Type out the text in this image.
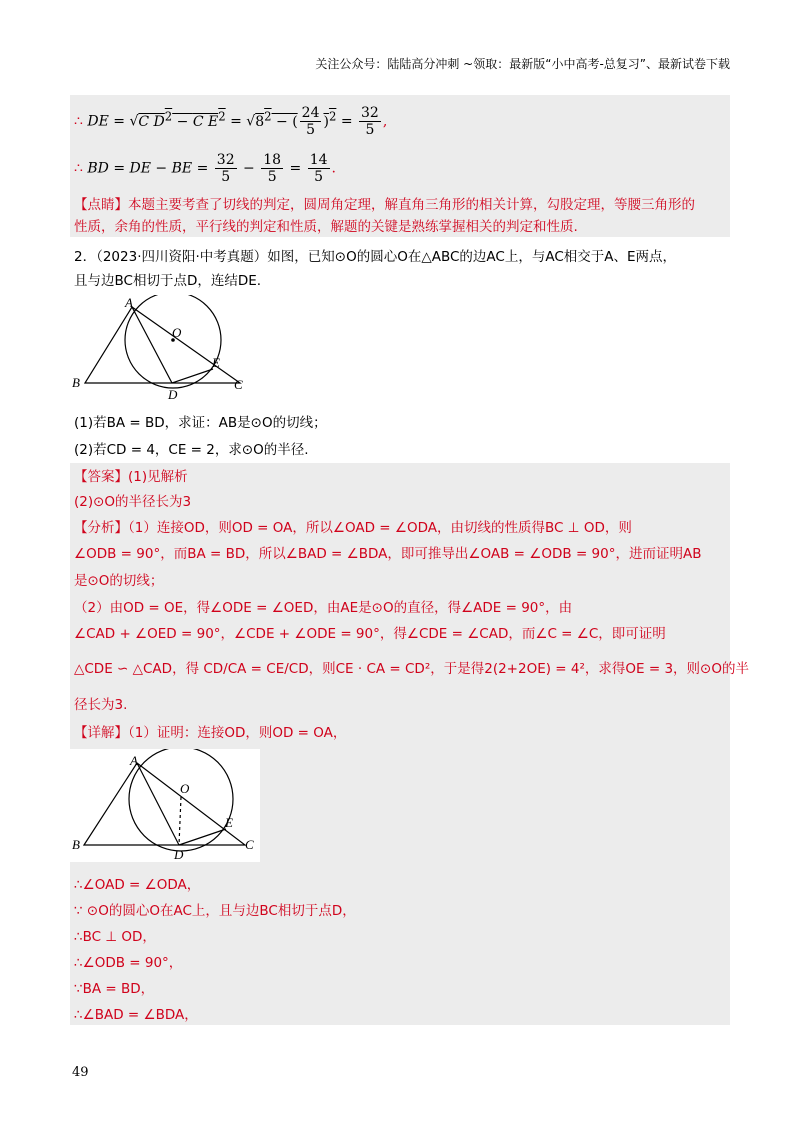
关注公众号：陆陆高分冲刺 ~领取：最新版“小中高考-总复习”、最新试卷下载
∴ DE = √C $D^2 - C$ $E^2 = √8^2$ − ( $\frac{24}{5} )^2 = \frac{32}{5}$ ,
∴ BD = DE − BE = $\frac{32}{5} - \frac{18}{5} = \frac{14}{5}$ .
【点睛】本题主要考查了切线的判定，圆周角定理，解直角三角形的相关计算，勾股定理，等腰三角形的
性质，余角的性质，平行线的判定和性质，解题的关键是熟练掌握相关的判定和性质.
2．（2023·四川资阳·中考真题）如图，已知⊙O的圆心O在△ABC的边AC上，与AC相交于A、E两点，
且与边BC相切于点D，连结DE.
A
O
E
B
D
C
(1)若BA = BD，求证：AB是⊙O的切线；
(2)若CD = 4，CE = 2，求⊙O的半径.
【答案】(1)见解析
(2)⊙O的半径长为3
【分析】（1）连接OD，则OD = OA，所以∠OAD = ∠ODA，由切线的性质得BC ⊥ OD，则
∠ODB = 90°，而BA = BD，所以∠BAD = ∠BDA，即可推导出∠OAB = ∠ODB = 90°，进而证明AB
是⊙O的切线；
（2）由OD = OE，得∠ODE = ∠OED，由AE是⊙O的直径，得∠ADE = 90°，由
∠CAD + ∠OED = 90°，∠CDE + ∠ODE = 90°，得∠CDE = ∠CAD，而∠C = ∠C，即可证明
△CDE ∽ △CAD，得 CD/CA = CE/CD，则CE · CA = CD²，于是得2(2+2OE) = 4²，求得OE = 3，则⊙O的半
径长为3.
【详解】（1）证明：连接OD，则OD = OA，
A
O
E
B
D
C
∴∠OAD = ∠ODA，
∵ ⊙O的圆心O在AC上，且与边BC相切于点D，
∴BC ⊥ OD，
∴∠ODB = 90°，
∵BA = BD，
∴∠BAD = ∠BDA，
49
